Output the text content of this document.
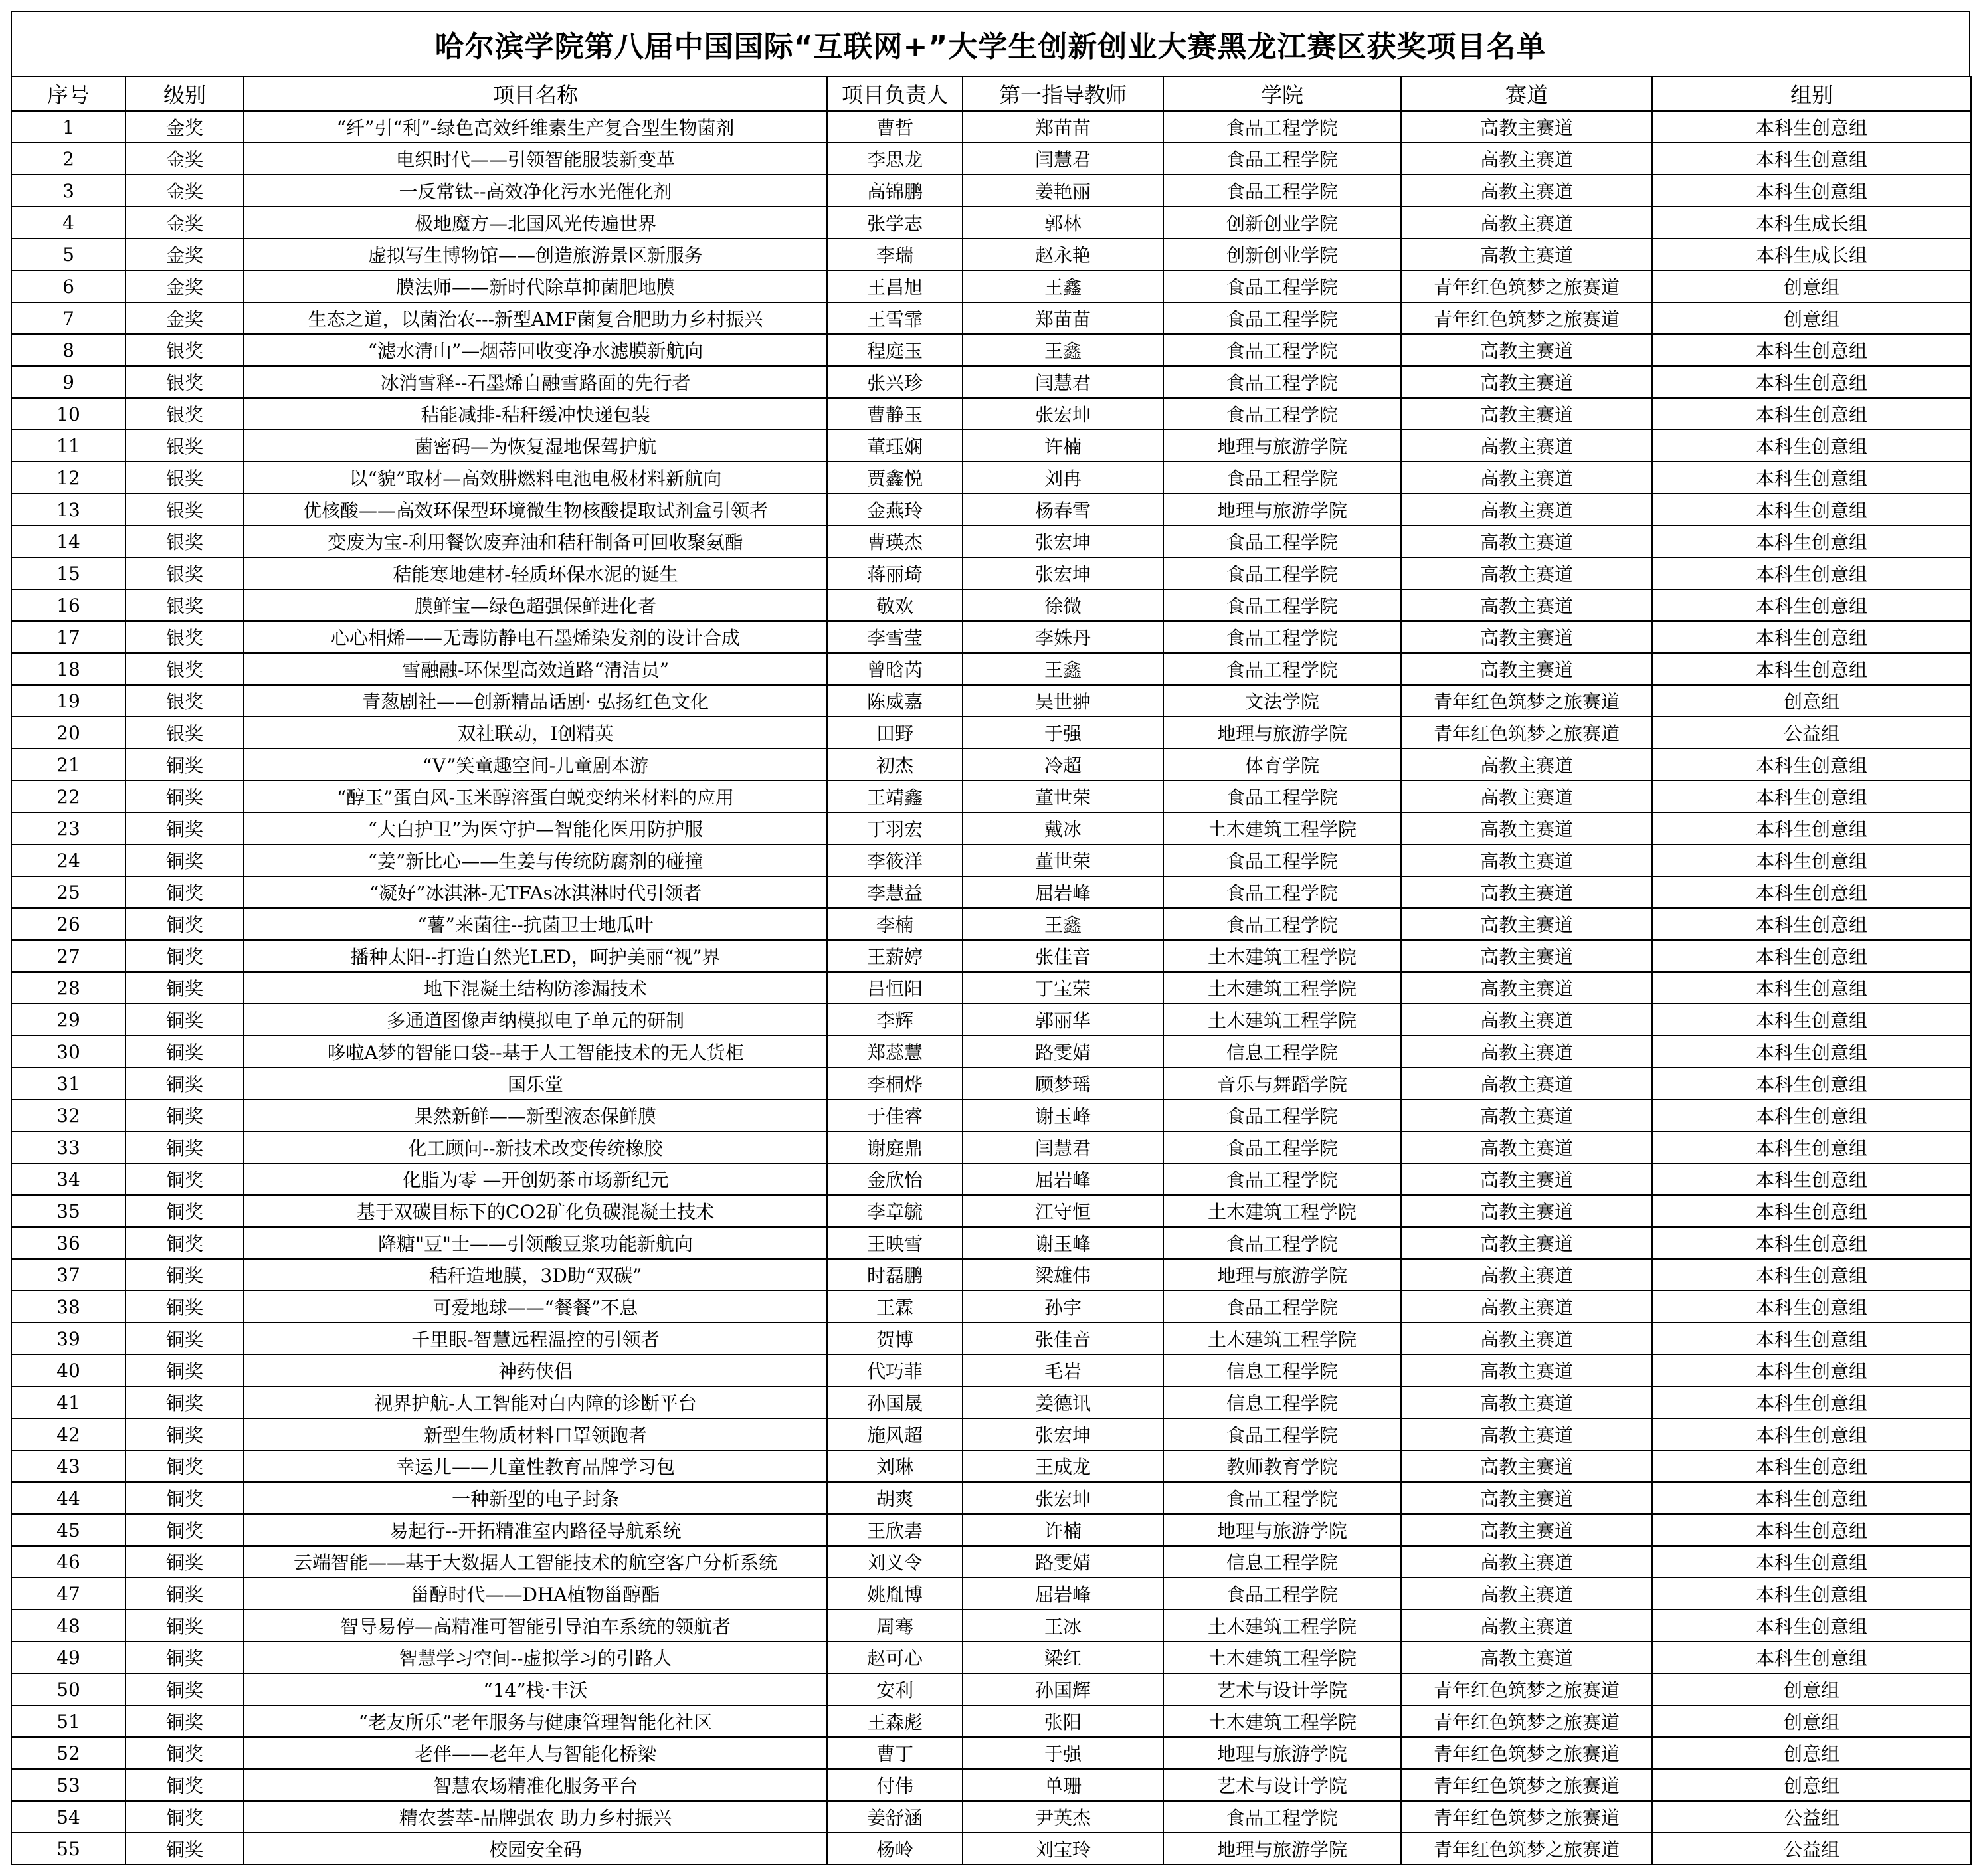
哈尔滨学院第八届中国国际“互联网+”大学生创新创业大赛黑龙江赛区获奖项目名单
序号	级别	项目名称	项目负责人	第一指导教师	学院	赛道	组别
1	金奖	“纤”引“利”-绿色高效纤维素生产复合型生物菌剂	曹哲	郑苗苗	食品工程学院	高教主赛道	本科生创意组
2	金奖	电织时代——引领智能服装新变革	李思龙	闫慧君	食品工程学院	高教主赛道	本科生创意组
3	金奖	一反常钛--高效净化污水光催化剂	高锦鹏	姜艳丽	食品工程学院	高教主赛道	本科生创意组
4	金奖	极地魔方—北国风光传遍世界	张学志	郭林	创新创业学院	高教主赛道	本科生成长组
5	金奖	虚拟写生博物馆——创造旅游景区新服务	李瑞	赵永艳	创新创业学院	高教主赛道	本科生成长组
6	金奖	膜法师——新时代除草抑菌肥地膜	王昌旭	王鑫	食品工程学院	青年红色筑梦之旅赛道	创意组
7	金奖	生态之道，以菌治农---新型AMF菌复合肥助力乡村振兴	王雪霏	郑苗苗	食品工程学院	青年红色筑梦之旅赛道	创意组
8	银奖	“滤水清山”—烟蒂回收变净水滤膜新航向	程庭玉	王鑫	食品工程学院	高教主赛道	本科生创意组
9	银奖	冰消雪释--石墨烯自融雪路面的先行者	张兴珍	闫慧君	食品工程学院	高教主赛道	本科生创意组
10	银奖	秸能减排-秸秆缓冲快递包装	曹静玉	张宏坤	食品工程学院	高教主赛道	本科生创意组
11	银奖	菌密码—为恢复湿地保驾护航	董珏娴	许楠	地理与旅游学院	高教主赛道	本科生创意组
12	银奖	以“貌”取材—高效肼燃料电池电极材料新航向	贾鑫悦	刘冉	食品工程学院	高教主赛道	本科生创意组
13	银奖	优核酸——高效环保型环境微生物核酸提取试剂盒引领者	金燕玲	杨春雪	地理与旅游学院	高教主赛道	本科生创意组
14	银奖	变废为宝-利用餐饮废弃油和秸秆制备可回收聚氨酯	曹瑛杰	张宏坤	食品工程学院	高教主赛道	本科生创意组
15	银奖	秸能寒地建材-轻质环保水泥的诞生	蒋丽琦	张宏坤	食品工程学院	高教主赛道	本科生创意组
16	银奖	膜鲜宝—绿色超强保鲜进化者	敬欢	徐微	食品工程学院	高教主赛道	本科生创意组
17	银奖	心心相烯——无毒防静电石墨烯染发剂的设计合成	李雪莹	李姝丹	食品工程学院	高教主赛道	本科生创意组
18	银奖	雪融融-环保型高效道路“清洁员”	曾晗芮	王鑫	食品工程学院	高教主赛道	本科生创意组
19	银奖	青葱剧社——创新精品话剧· 弘扬红色文化	陈威嘉	吴世翀	文法学院	青年红色筑梦之旅赛道	创意组
20	银奖	双社联动，I创精英	田野	于强	地理与旅游学院	青年红色筑梦之旅赛道	公益组
21	铜奖	“V”笑童趣空间-儿童剧本游	初杰	冷超	体育学院	高教主赛道	本科生创意组
22	铜奖	“醇玉”蛋白风-玉米醇溶蛋白蜕变纳米材料的应用	王靖鑫	董世荣	食品工程学院	高教主赛道	本科生创意组
23	铜奖	“大白护卫”为医守护—智能化医用防护服	丁羽宏	戴冰	土木建筑工程学院	高教主赛道	本科生创意组
24	铜奖	“姜”新比心——生姜与传统防腐剂的碰撞	李筱洋	董世荣	食品工程学院	高教主赛道	本科生创意组
25	铜奖	“凝好”冰淇淋-无TFAs冰淇淋时代引领者	李慧益	屈岩峰	食品工程学院	高教主赛道	本科生创意组
26	铜奖	“薯”来菌往--抗菌卫士地瓜叶	李楠	王鑫	食品工程学院	高教主赛道	本科生创意组
27	铜奖	播种太阳--打造自然光LED，呵护美丽“视”界	王薪婷	张佳音	土木建筑工程学院	高教主赛道	本科生创意组
28	铜奖	地下混凝土结构防渗漏技术	吕恒阳	丁宝荣	土木建筑工程学院	高教主赛道	本科生创意组
29	铜奖	多通道图像声纳模拟电子单元的研制	李辉	郭丽华	土木建筑工程学院	高教主赛道	本科生创意组
30	铜奖	哆啦A梦的智能口袋--基于人工智能技术的无人货柜	郑蕊慧	路雯婧	信息工程学院	高教主赛道	本科生创意组
31	铜奖	国乐堂	李桐烨	顾梦瑶	音乐与舞蹈学院	高教主赛道	本科生创意组
32	铜奖	果然新鲜——新型液态保鲜膜	于佳睿	谢玉峰	食品工程学院	高教主赛道	本科生创意组
33	铜奖	化工顾问--新技术改变传统橡胶	谢庭鼎	闫慧君	食品工程学院	高教主赛道	本科生创意组
34	铜奖	化脂为零 —开创奶茶市场新纪元	金欣怡	屈岩峰	食品工程学院	高教主赛道	本科生创意组
35	铜奖	基于双碳目标下的CO2矿化负碳混凝土技术	李章毓	江守恒	土木建筑工程学院	高教主赛道	本科生创意组
36	铜奖	降糖"豆"士——引领酸豆浆功能新航向	王映雪	谢玉峰	食品工程学院	高教主赛道	本科生创意组
37	铜奖	秸秆造地膜，3D助“双碳”	时磊鹏	梁雄伟	地理与旅游学院	高教主赛道	本科生创意组
38	铜奖	可爱地球——“餐餐”不息	王霖	孙宇	食品工程学院	高教主赛道	本科生创意组
39	铜奖	千里眼-智慧远程温控的引领者	贺博	张佳音	土木建筑工程学院	高教主赛道	本科生创意组
40	铜奖	神药侠侣	代巧菲	毛岩	信息工程学院	高教主赛道	本科生创意组
41	铜奖	视界护航-人工智能对白内障的诊断平台	孙国晟	姜德讯	信息工程学院	高教主赛道	本科生创意组
42	铜奖	新型生物质材料口罩领跑者	施风超	张宏坤	食品工程学院	高教主赛道	本科生创意组
43	铜奖	幸运儿——儿童性教育品牌学习包	刘琳	王成龙	教师教育学院	高教主赛道	本科生创意组
44	铜奖	一种新型的电子封条	胡爽	张宏坤	食品工程学院	高教主赛道	本科生创意组
45	铜奖	易起行--开拓精准室内路径导航系统	王欣砉	许楠	地理与旅游学院	高教主赛道	本科生创意组
46	铜奖	云端智能——基于大数据人工智能技术的航空客户分析系统	刘义令	路雯婧	信息工程学院	高教主赛道	本科生创意组
47	铜奖	甾醇时代——DHA植物甾醇酯	姚胤博	屈岩峰	食品工程学院	高教主赛道	本科生创意组
48	铜奖	智导易停—高精准可智能引导泊车系统的领航者	周骞	王冰	土木建筑工程学院	高教主赛道	本科生创意组
49	铜奖	智慧学习空间--虚拟学习的引路人	赵可心	梁红	土木建筑工程学院	高教主赛道	本科生创意组
50	铜奖	“14”栈·丰沃	安利	孙国辉	艺术与设计学院	青年红色筑梦之旅赛道	创意组
51	铜奖	“老友所乐”老年服务与健康管理智能化社区	王森彪	张阳	土木建筑工程学院	青年红色筑梦之旅赛道	创意组
52	铜奖	老伴——老年人与智能化桥梁	曹丁	于强	地理与旅游学院	青年红色筑梦之旅赛道	创意组
53	铜奖	智慧农场精准化服务平台	付伟	单珊	艺术与设计学院	青年红色筑梦之旅赛道	创意组
54	铜奖	精农荟萃-品牌强农 助力乡村振兴	姜舒涵	尹英杰	食品工程学院	青年红色筑梦之旅赛道	公益组
55	铜奖	校园安全码	杨岭	刘宝玲	地理与旅游学院	青年红色筑梦之旅赛道	公益组
